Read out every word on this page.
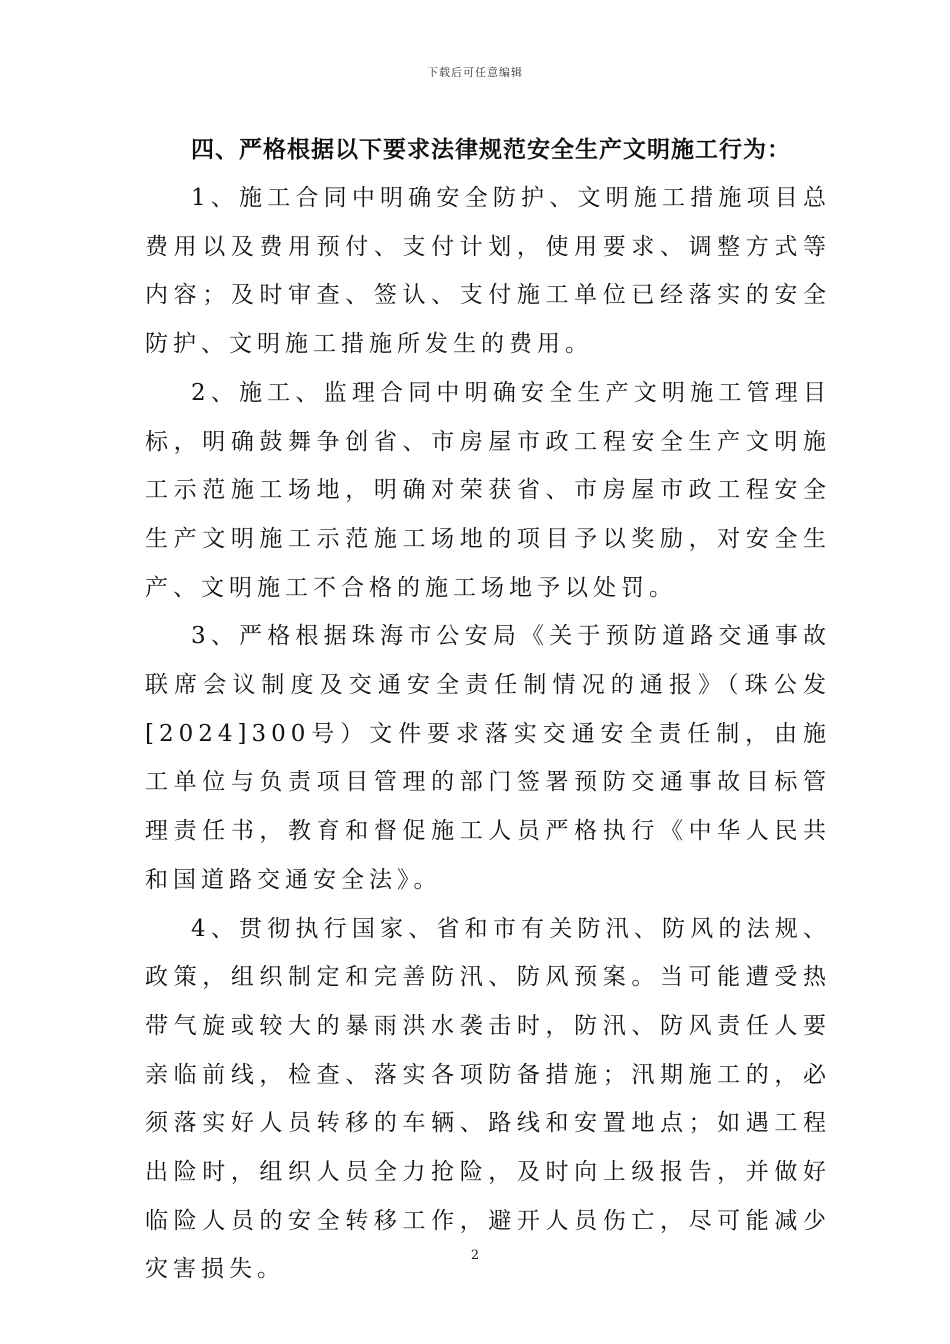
下载后可任意编辑

四、严格根据以下要求法律规范安全生产文明施工行为：

1、施工合同中明确安全防护、文明施工措施项目总费用以及费用预付、支付计划，使用要求、调整方式等内容；及时审查、签认、支付施工单位已经落实的安全防护、文明施工措施所发生的费用。

2、施工、监理合同中明确安全生产文明施工管理目标，明确鼓舞争创省、市房屋市政工程安全生产文明施工示范施工场地，明确对荣获省、市房屋市政工程安全生产文明施工示范施工场地的项目予以奖励，对安全生产、文明施工不合格的施工场地予以处罚。

3、严格根据珠海市公安局《关于预防道路交通事故联席会议制度及交通安全责任制情况的通报》（珠公发[2024]300号）文件要求落实交通安全责任制，由施工单位与负责项目管理的部门签署预防交通事故目标管理责任书，教育和督促施工人员严格执行《中华人民共和国道路交通安全法》。

4、贯彻执行国家、省和市有关防汛、防风的法规、政策，组织制定和完善防汛、防风预案。当可能遭受热带气旋或较大的暴雨洪水袭击时，防汛、防风责任人要亲临前线，检查、落实各项防备措施；汛期施工的，必须落实好人员转移的车辆、路线和安置地点；如遇工程出险时，组织人员全力抢险，及时向上级报告，并做好临险人员的安全转移工作，避开人员伤亡，尽可能减少灾害损失。

2
